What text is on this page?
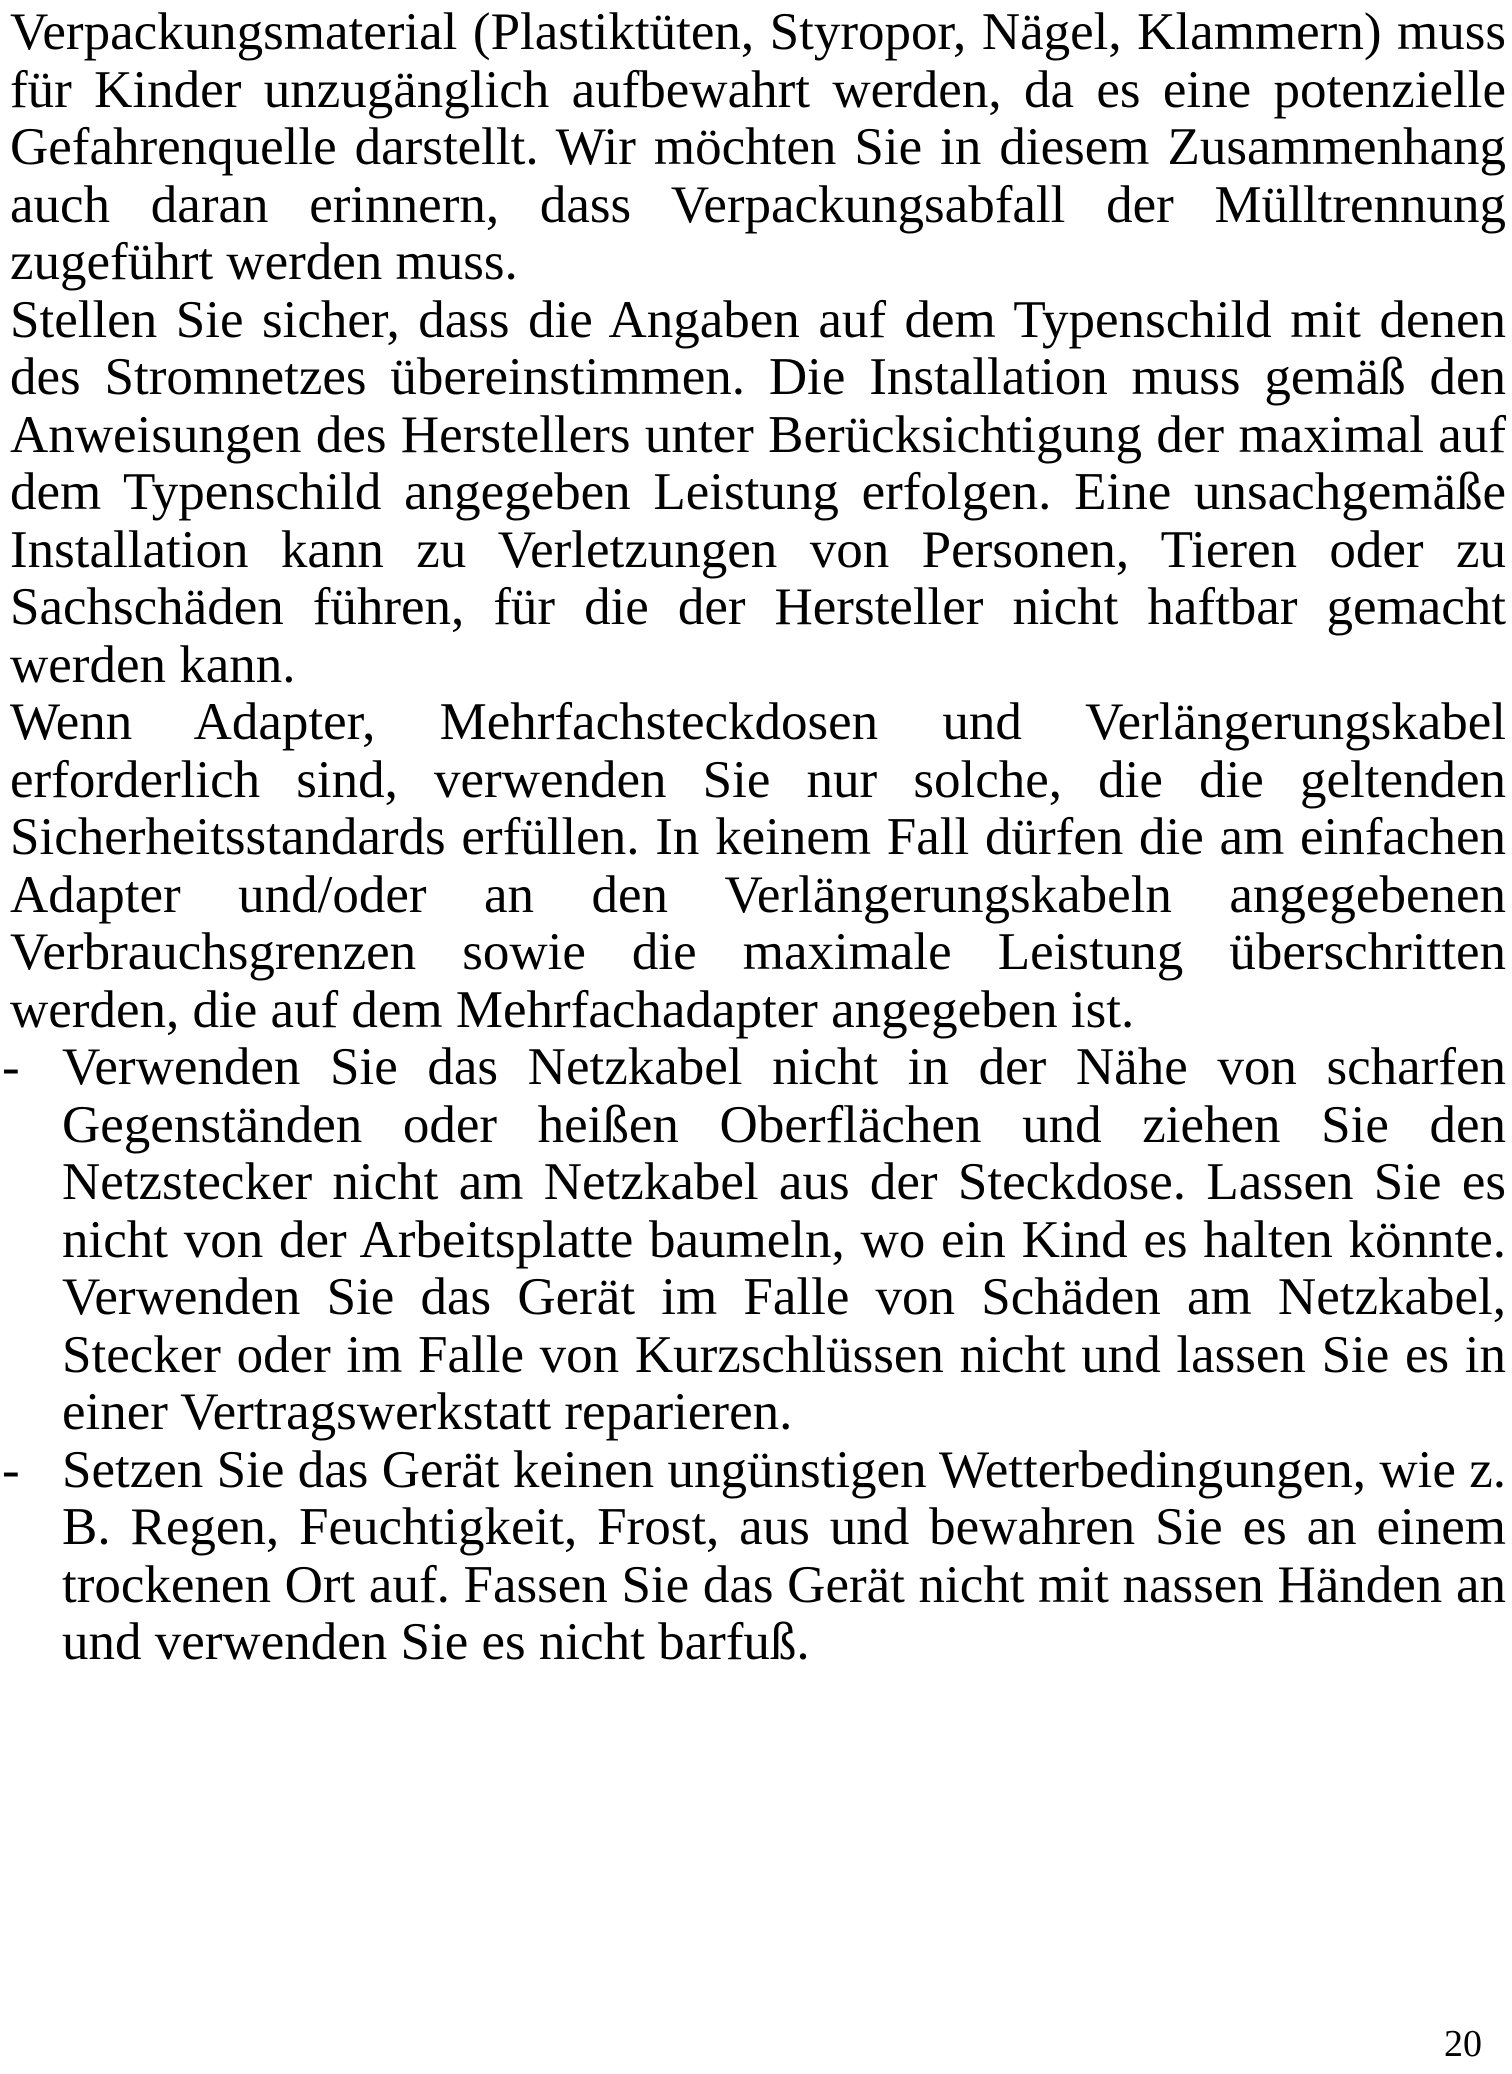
Verpackungsmaterial (Plastiktüten, Styropor, Nägel, Klammern) muss für Kinder unzugänglich aufbewahrt werden, da es eine potenzielle Gefahrenquelle darstellt. Wir möchten Sie in diesem Zusammenhang auch daran erinnern, dass Verpackungsabfall der Mülltrennung zugeführt werden muss.

Stellen Sie sicher, dass die Angaben auf dem Typenschild mit denen des Stromnetzes übereinstimmen. Die Installation muss gemäß den Anweisungen des Herstellers unter Berücksichtigung der maximal auf dem Typenschild angegeben Leistung erfolgen. Eine unsachgemäße Installation kann zu Verletzungen von Personen, Tieren oder zu Sachschäden führen, für die der Hersteller nicht haftbar gemacht werden kann.

Wenn Adapter, Mehrfachsteckdosen und Verlängerungskabel erforderlich sind, verwenden Sie nur solche, die die geltenden Sicherheitsstandards erfüllen. In keinem Fall dürfen die am einfachen Adapter und/oder an den Verlängerungskabeln angegebenen Verbrauchsgrenzen sowie die maximale Leistung überschritten werden, die auf dem Mehrfachadapter angegeben ist.

- Verwenden Sie das Netzkabel nicht in der Nähe von scharfen Gegenständen oder heißen Oberflächen und ziehen Sie den Netzstecker nicht am Netzkabel aus der Steckdose. Lassen Sie es nicht von der Arbeitsplatte baumeln, wo ein Kind es halten könnte. Verwenden Sie das Gerät im Falle von Schäden am Netzkabel, Stecker oder im Falle von Kurzschlüssen nicht und lassen Sie es in einer Vertragswerkstatt reparieren.
- Setzen Sie das Gerät keinen ungünstigen Wetterbedingungen, wie z. B. Regen, Feuchtigkeit, Frost, aus und bewahren Sie es an einem trockenen Ort auf. Fassen Sie das Gerät nicht mit nassen Händen an und verwenden Sie es nicht barfuß.
20
